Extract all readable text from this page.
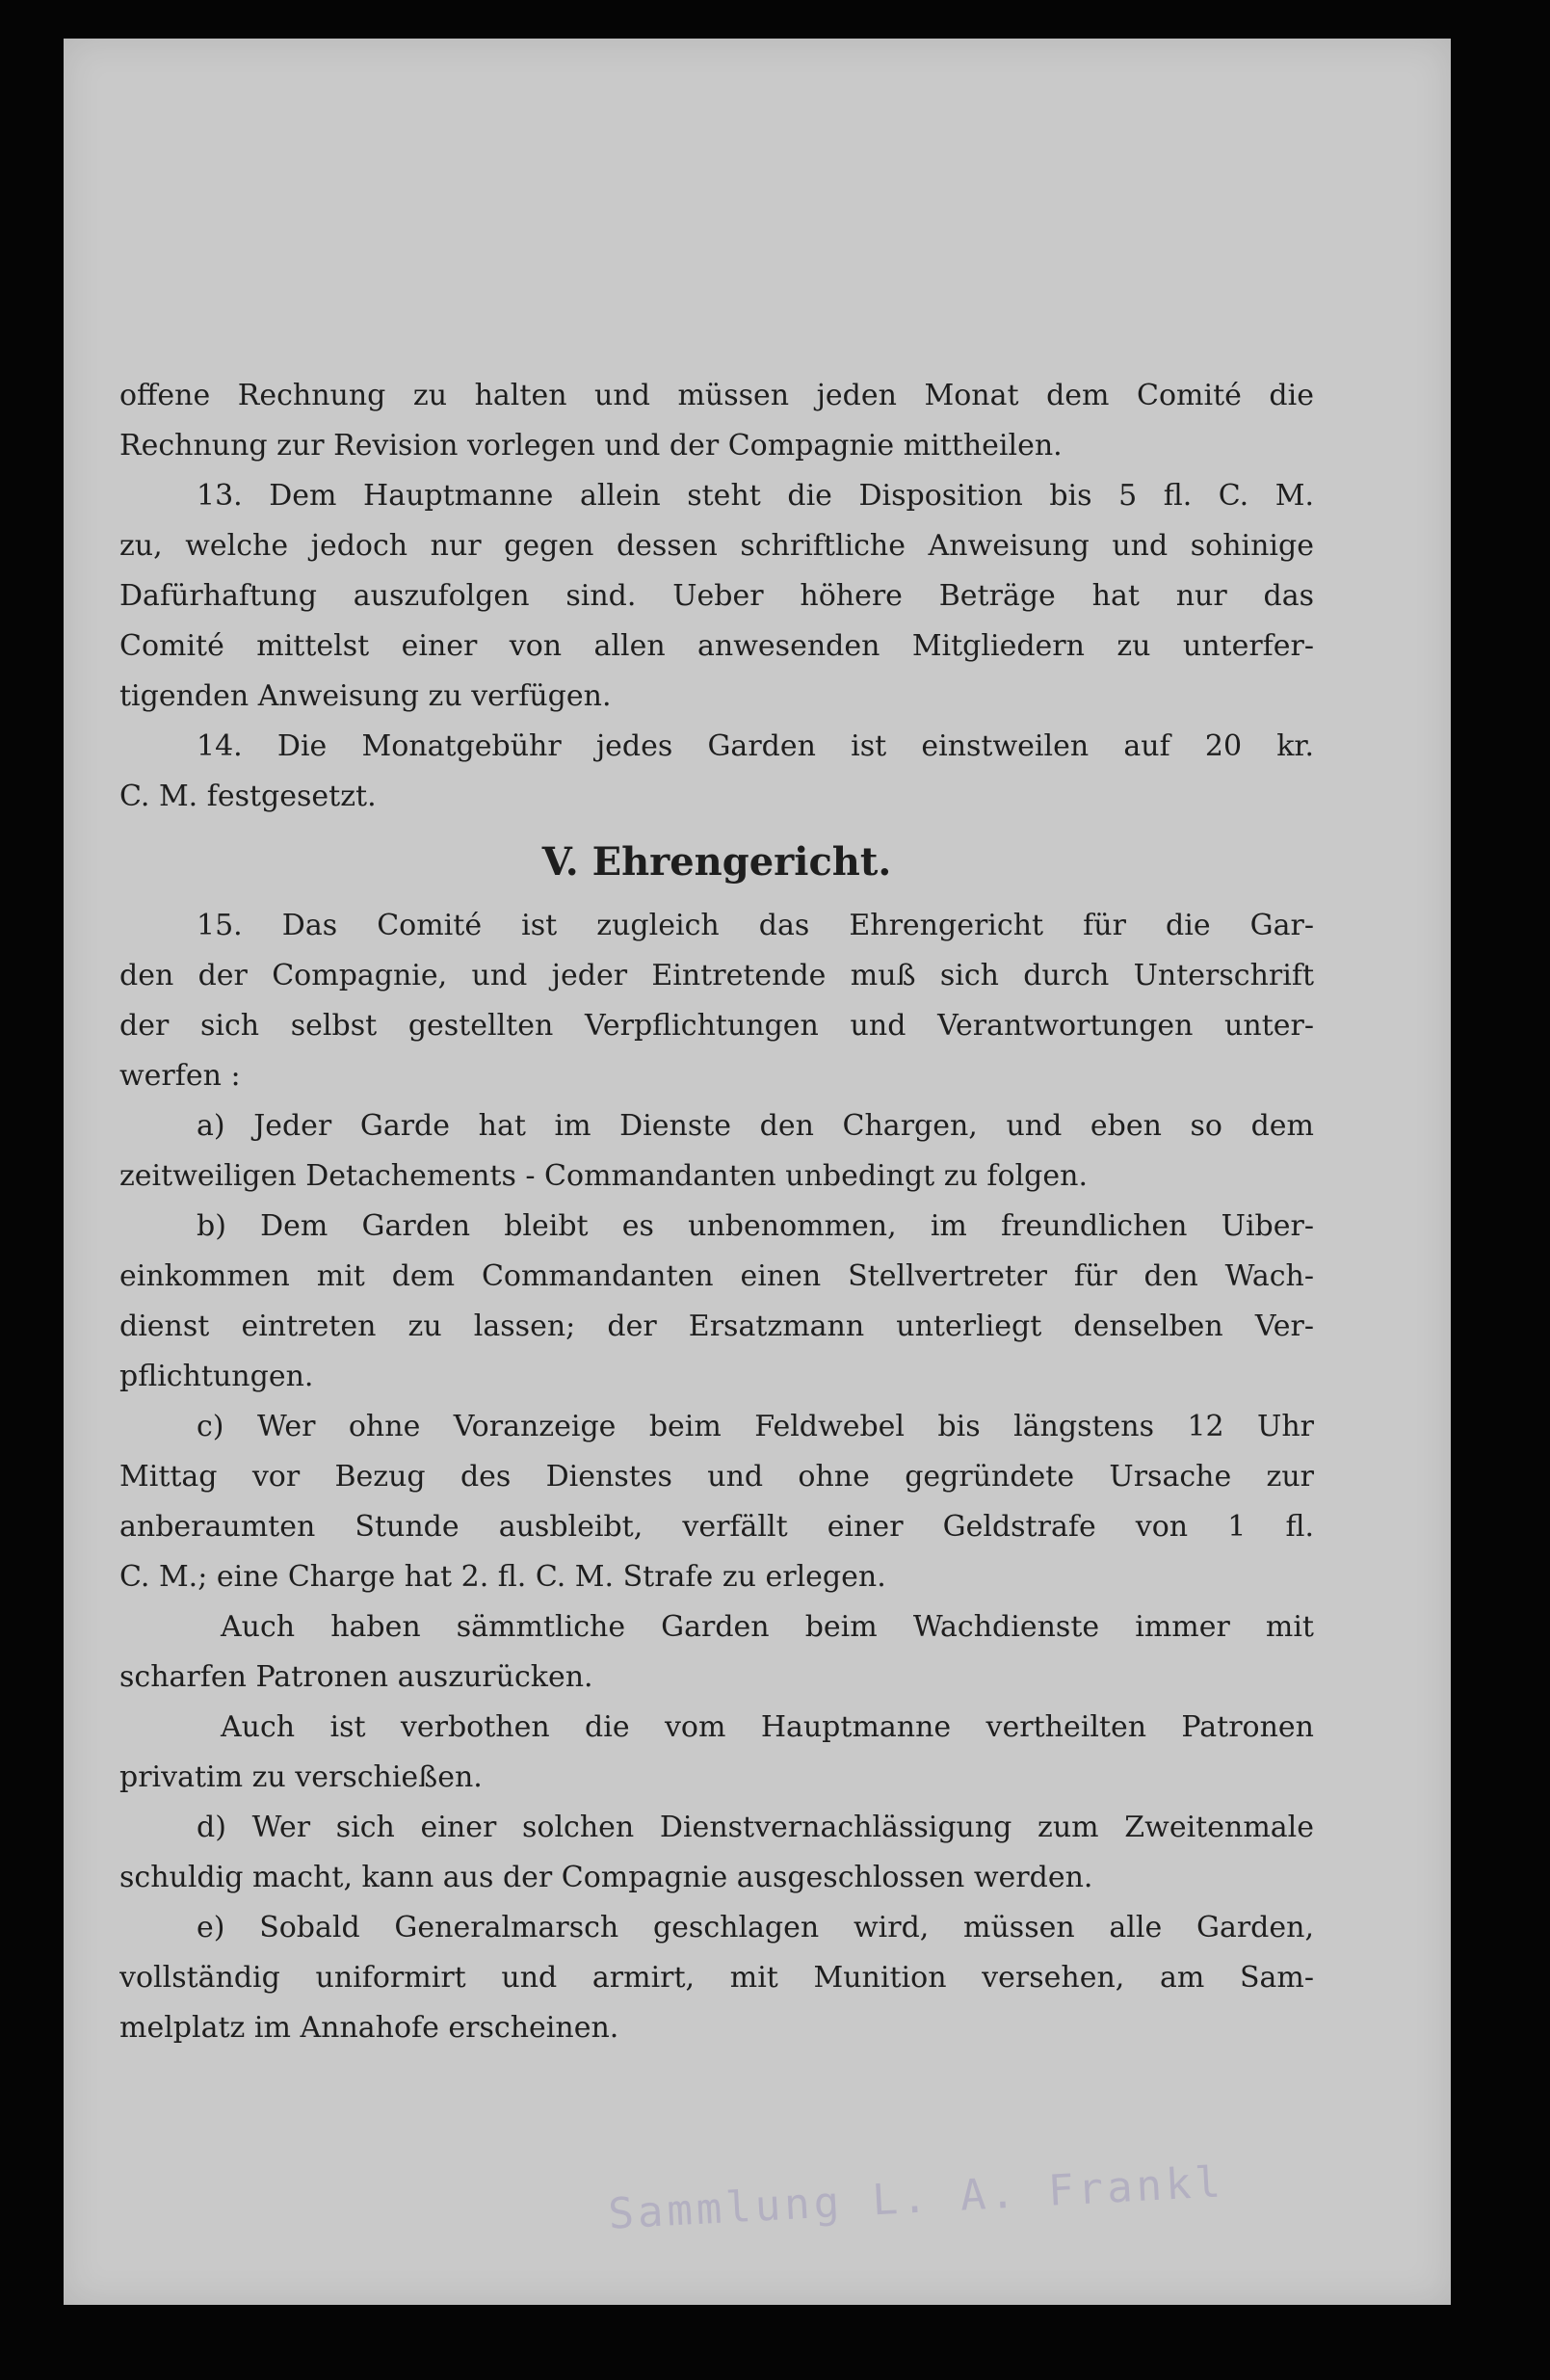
offene Rechnung zu halten und müssen jeden Monat dem Comité die
Rechnung zur Revision vorlegen und der Compagnie mittheilen.
13. Dem Hauptmanne allein steht die Disposition bis 5 fl. C. M.
zu, welche jedoch nur gegen dessen schriftliche Anweisung und sohinige
Dafürhaftung auszufolgen sind. Ueber höhere Beträge hat nur das
Comité mittelst einer von allen anwesenden Mitgliedern zu unterfer-
tigenden Anweisung zu verfügen.
14. Die Monatgebühr jedes Garden ist einstweilen auf 20 kr.
C. M. festgesetzt.
V. Ehrengericht.
15. Das Comité ist zugleich das Ehrengericht für die Gar-
den der Compagnie, und jeder Eintretende muß sich durch Unterschrift
der sich selbst gestellten Verpflichtungen und Verantwortungen unter-
werfen :
a) Jeder Garde hat im Dienste den Chargen, und eben so dem
zeitweiligen Detachements - Commandanten unbedingt zu folgen.
b) Dem Garden bleibt es unbenommen, im freundlichen Uiber-
einkommen mit dem Commandanten einen Stellvertreter für den Wach-
dienst eintreten zu lassen; der Ersatzmann unterliegt denselben Ver-
pflichtungen.
c) Wer ohne Voranzeige beim Feldwebel bis längstens 12 Uhr
Mittag vor Bezug des Dienstes und ohne gegründete Ursache zur
anberaumten Stunde ausbleibt, verfällt einer Geldstrafe von 1 fl.
C. M.; eine Charge hat 2. fl. C. M. Strafe zu erlegen.
Auch haben sämmtliche Garden beim Wachdienste immer mit
scharfen Patronen auszurücken.
Auch ist verbothen die vom Hauptmanne vertheilten Patronen
privatim zu verschießen.
d) Wer sich einer solchen Dienstvernachlässigung zum Zweitenmale
schuldig macht, kann aus der Compagnie ausgeschlossen werden.
e) Sobald Generalmarsch geschlagen wird, müssen alle Garden,
vollständig uniformirt und armirt, mit Munition versehen, am Sam-
melplatz im Annahofe erscheinen.
Sammlung L. A. Frankl
